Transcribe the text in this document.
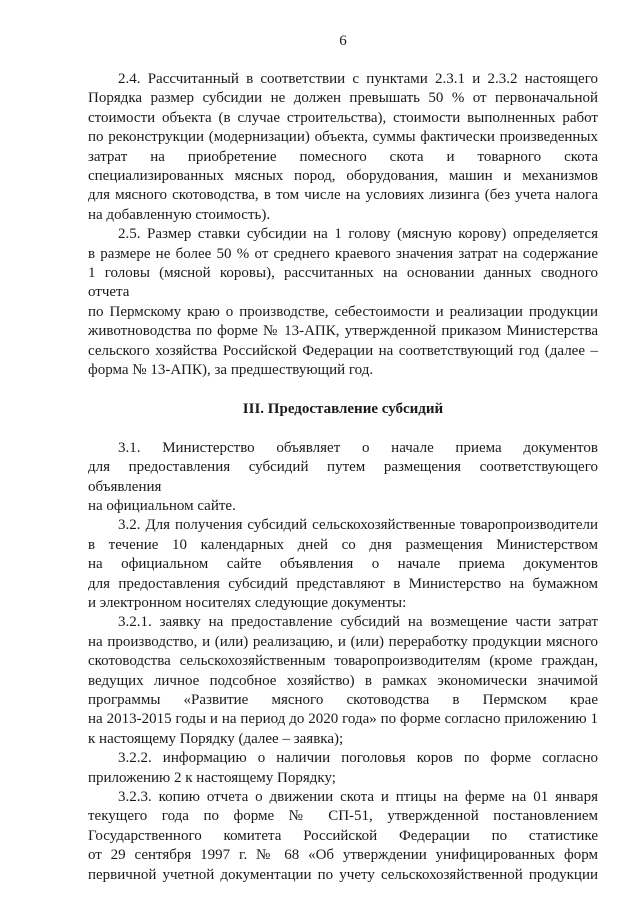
6
2.4. Рассчитанный в соответствии с пунктами 2.3.1 и 2.3.2 настоящего
Порядка размер субсидии не должен превышать 50 % от первоначальной
стоимости объекта (в случае строительства), стоимости выполненных работ
по реконструкции (модернизации) объекта, суммы фактически произведенных
затрат на приобретение помесного скота и товарного скота
специализированных мясных пород, оборудования, машин и механизмов
для мясного скотоводства, в том числе на условиях лизинга (без учета налога
на добавленную стоимость).
2.5. Размер ставки субсидии на 1 голову (мясную корову) определяется
в размере не более 50 % от среднего краевого значения затрат на содержание
1 головы (мясной коровы), рассчитанных на основании данных сводного отчета
по Пермскому краю о производстве, себестоимости и реализации продукции
животноводства по форме № 13-АПК, утвержденной приказом Министерства
сельского хозяйства Российской Федерации на соответствующий год (далее –
форма № 13-АПК), за предшествующий год.
III. Предоставление субсидий
3.1. Министерство объявляет о начале приема документов
для предоставления субсидий путем размещения соответствующего объявления
на официальном сайте.
3.2. Для получения субсидий сельскохозяйственные товаропроизводители
в течение 10 календарных дней со дня размещения Министерством
на официальном сайте объявления о начале приема документов
для предоставления субсидий представляют в Министерство на бумажном
и электронном носителях следующие документы:
3.2.1. заявку на предоставление субсидий на возмещение части затрат
на производство, и (или) реализацию, и (или) переработку продукции мясного
скотоводства сельскохозяйственным товаропроизводителям (кроме граждан,
ведущих личное подсобное хозяйство) в рамках экономически значимой
программы «Развитие мясного скотоводства в Пермском крае
на 2013-2015 годы и на период до 2020 года» по форме согласно приложению 1
к настоящему Порядку (далее – заявка);
3.2.2. информацию о наличии поголовья коров по форме согласно
приложению 2 к настоящему Порядку;
3.2.3. копию отчета о движении скота и птицы на ферме на 01 января
текущего года по форме № СП-51, утвержденной постановлением
Государственного комитета Российской Федерации по статистике
от 29 сентября 1997 г. № 68 «Об утверждении унифицированных форм
первичной учетной документации по учету сельскохозяйственной продукции
